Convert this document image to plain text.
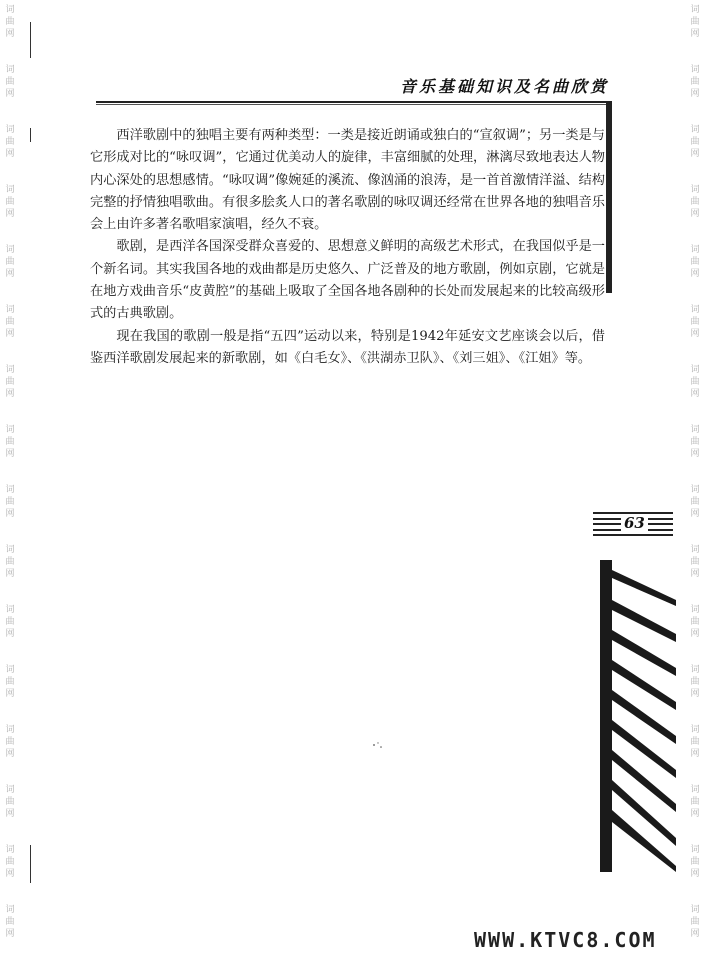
词
曲
网
词
曲
网
词
曲
网
词
曲
网
词
曲
网
词
曲
网
词
曲
网
词
曲
网
词
曲
网
词
曲
网
词
曲
网
词
曲
网
词
曲
网
词
曲
网
词
曲
网
词
曲
网
词
曲
网
词
曲
网
词
曲
网
词
曲
网
词
曲
网
词
曲
网
词
曲
网
词
曲
网
词
曲
网
词
曲
网
词
曲
网
词
曲
网
词
曲
网
词
曲
网
词
曲
网
词
曲
网
音乐基础知识及名曲欣赏

西洋歌剧中的独唱主要有两种类型：一类是接近朗诵或独白的“宣叙调”；另一类是与它形成对比的“咏叹调”，它通过优美动人的旋律，丰富细腻的处理，淋漓尽致地表达人物内心深处的思想感情。“咏叹调”像婉延的溪流、像汹涌的浪涛，是一首首激情洋溢、结构完整的抒情独唱歌曲。有很多脍炙人口的著名歌剧的咏叹调还经常在世界各地的独唱音乐会上由许多著名歌唱家演唱，经久不衰。

歌剧，是西洋各国深受群众喜爱的、思想意义鲜明的高级艺术形式，在我国似乎是一个新名词。其实我国各地的戏曲都是历史悠久、广泛普及的地方歌剧，例如京剧，它就是在地方戏曲音乐“皮黄腔”的基础上吸取了全国各地各剧种的长处而发展起来的比较高级形式的古典歌剧。

现在我国的歌剧一般是指“五四”运动以来，特别是1942年延安文艺座谈会以后，借鉴西洋歌剧发展起来的新歌剧，如《白毛女》、《洪湖赤卫队》、《刘三姐》、《江姐》等。

63
WWW.KTVC8.COM
